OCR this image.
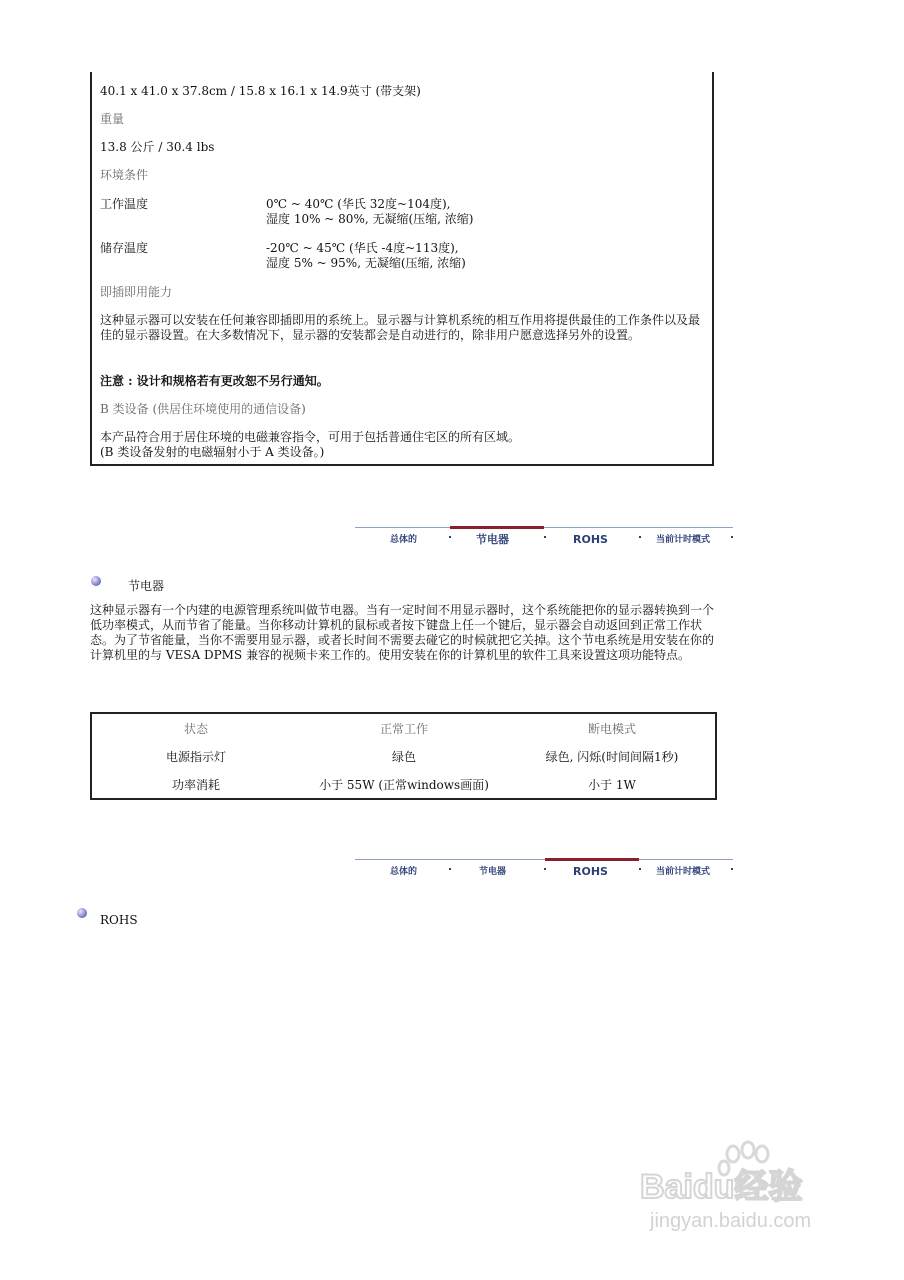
40.1 x 41.0 x 37.8cm / 15.8 x 16.1 x 14.9英寸 (带支架)
重量
13.8 公斤 / 30.4 lbs
环境条件
工作温度	0℃ ~ 40℃ (华氏 32度~104度),
湿度 10% ~ 80%, 无凝缩(压缩, 浓缩)
储存温度	-20℃ ~ 45℃ (华氏 -4度~113度),
湿度 5% ~ 95%, 无凝缩(压缩, 浓缩)
即插即用能力
这种显示器可以安装在任何兼容即插即用的系统上。显示器与计算机系统的相互作用将提供最佳的工作条件以及最佳的显示器设置。在大多数情况下，显示器的安装都会是自动进行的，除非用户愿意选择另外的设置。
注意 : 设计和规格若有更改恕不另行通知。
B 类设备 (供居住环境使用的通信设备)
本产品符合用于居住环境的电磁兼容指令，可用于包括普通住宅区的所有区域。
(B 类设备发射的电磁辐射小于 A 类设备。)
总体的	节电器	ROHS	当前计时模式
节电器
这种显示器有一个内建的电源管理系统叫做节电器。当有一定时间不用显示器时，这个系统能把你的显示器转换到一个低功率模式，从而节省了能量。当你移动计算机的鼠标或者按下键盘上任一个键后，显示器会自动返回到正常工作状态。为了节省能量，当你不需要用显示器，或者长时间不需要去碰它的时候就把它关掉。这个节电系统是用安装在你的计算机里的与 VESA DPMS 兼容的视频卡来工作的。使用安装在你的计算机里的软件工具来设置这项功能特点。
状态	正常工作	断电模式
电源指示灯	绿色	绿色, 闪烁(时间间隔1秒)
功率消耗	小于 55W (正常windows画面)	小于 1W
总体的	节电器	ROHS	当前计时模式
ROHS
Baidu经验
jingyan.baidu.com
